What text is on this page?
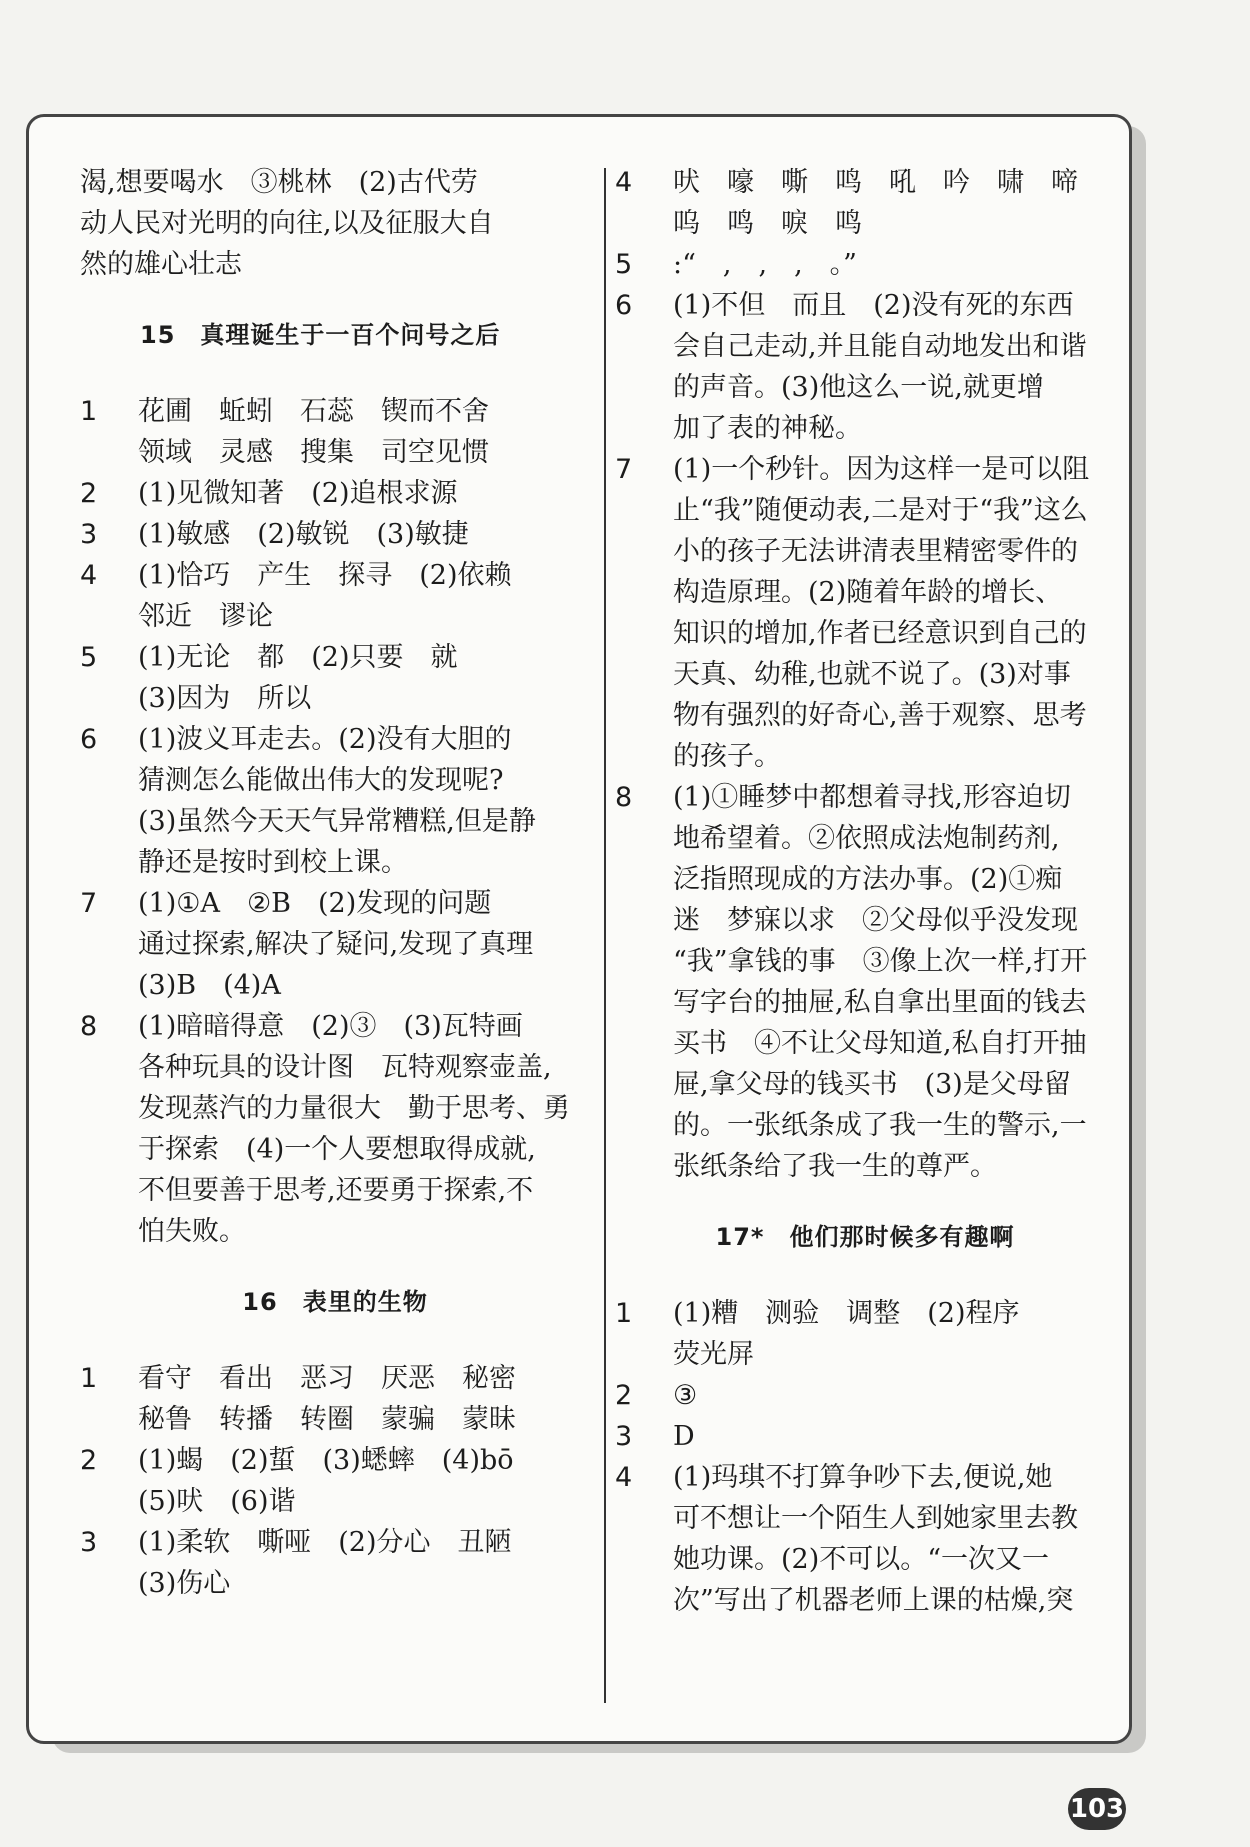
渴,想要喝水　③桃林　(2)古代劳
动人民对光明的向往,以及征服大自
然的雄心壮志
15　真理诞生于一百个问号之后
1	花圃　蚯蚓　石蕊　锲而不舍
领域　灵感　搜集　司空见惯
2	(1)见微知著　(2)追根求源
3	(1)敏感　(2)敏锐　(3)敏捷
4	(1)恰巧　产生　探寻　(2)依赖
邻近　谬论
5	(1)无论　都　(2)只要　就
(3)因为　所以
6	(1)波义耳走去。(2)没有大胆的
猜测怎么能做出伟大的发现呢?
(3)虽然今天天气异常糟糕,但是静
静还是按时到校上课。
7	(1)①A　②B　(2)发现的问题
通过探索,解决了疑问,发现了真理
(3)B　(4)A
8	(1)暗暗得意　(2)③　(3)瓦特画
各种玩具的设计图　瓦特观察壶盖,
发现蒸汽的力量很大　勤于思考、勇
于探索　(4)一个人要想取得成就,
不但要善于思考,还要勇于探索,不
怕失败。
16　表里的生物
1	看守　看出　恶习　厌恶　秘密
秘鲁　转播　转圈　蒙骗　蒙昧
2	(1)蝎　(2)蜇　(3)蟋蟀　(4)bō
(5)吠　(6)谐
3	(1)柔软　嘶哑　(2)分心　丑陋
(3)伤心
4	吠　嚎　嘶　鸣　吼　吟　啸　啼
呜　鸣　唳　鸣
5	:“　,　,　,　。”
6	(1)不但　而且　(2)没有死的东西
会自己走动,并且能自动地发出和谐
的声音。(3)他这么一说,就更增
加了表的神秘。
7	(1)一个秒针。因为这样一是可以阻
止“我”随便动表,二是对于“我”这么
小的孩子无法讲清表里精密零件的
构造原理。(2)随着年龄的增长、
知识的增加,作者已经意识到自己的
天真、幼稚,也就不说了。(3)对事
物有强烈的好奇心,善于观察、思考
的孩子。
8	(1)①睡梦中都想着寻找,形容迫切
地希望着。②依照成法炮制药剂,
泛指照现成的方法办事。(2)①痴
迷　梦寐以求　②父母似乎没发现
“我”拿钱的事　③像上次一样,打开
写字台的抽屉,私自拿出里面的钱去
买书　④不让父母知道,私自打开抽
屉,拿父母的钱买书　(3)是父母留
的。一张纸条成了我一生的警示,一
张纸条给了我一生的尊严。
17*　他们那时候多有趣啊
1	(1)糟　测验　调整　(2)程序
荧光屏
2	③
3	D
4	(1)玛琪不打算争吵下去,便说,她
可不想让一个陌生人到她家里去教
她功课。(2)不可以。“一次又一
次”写出了机器老师上课的枯燥,突
103
